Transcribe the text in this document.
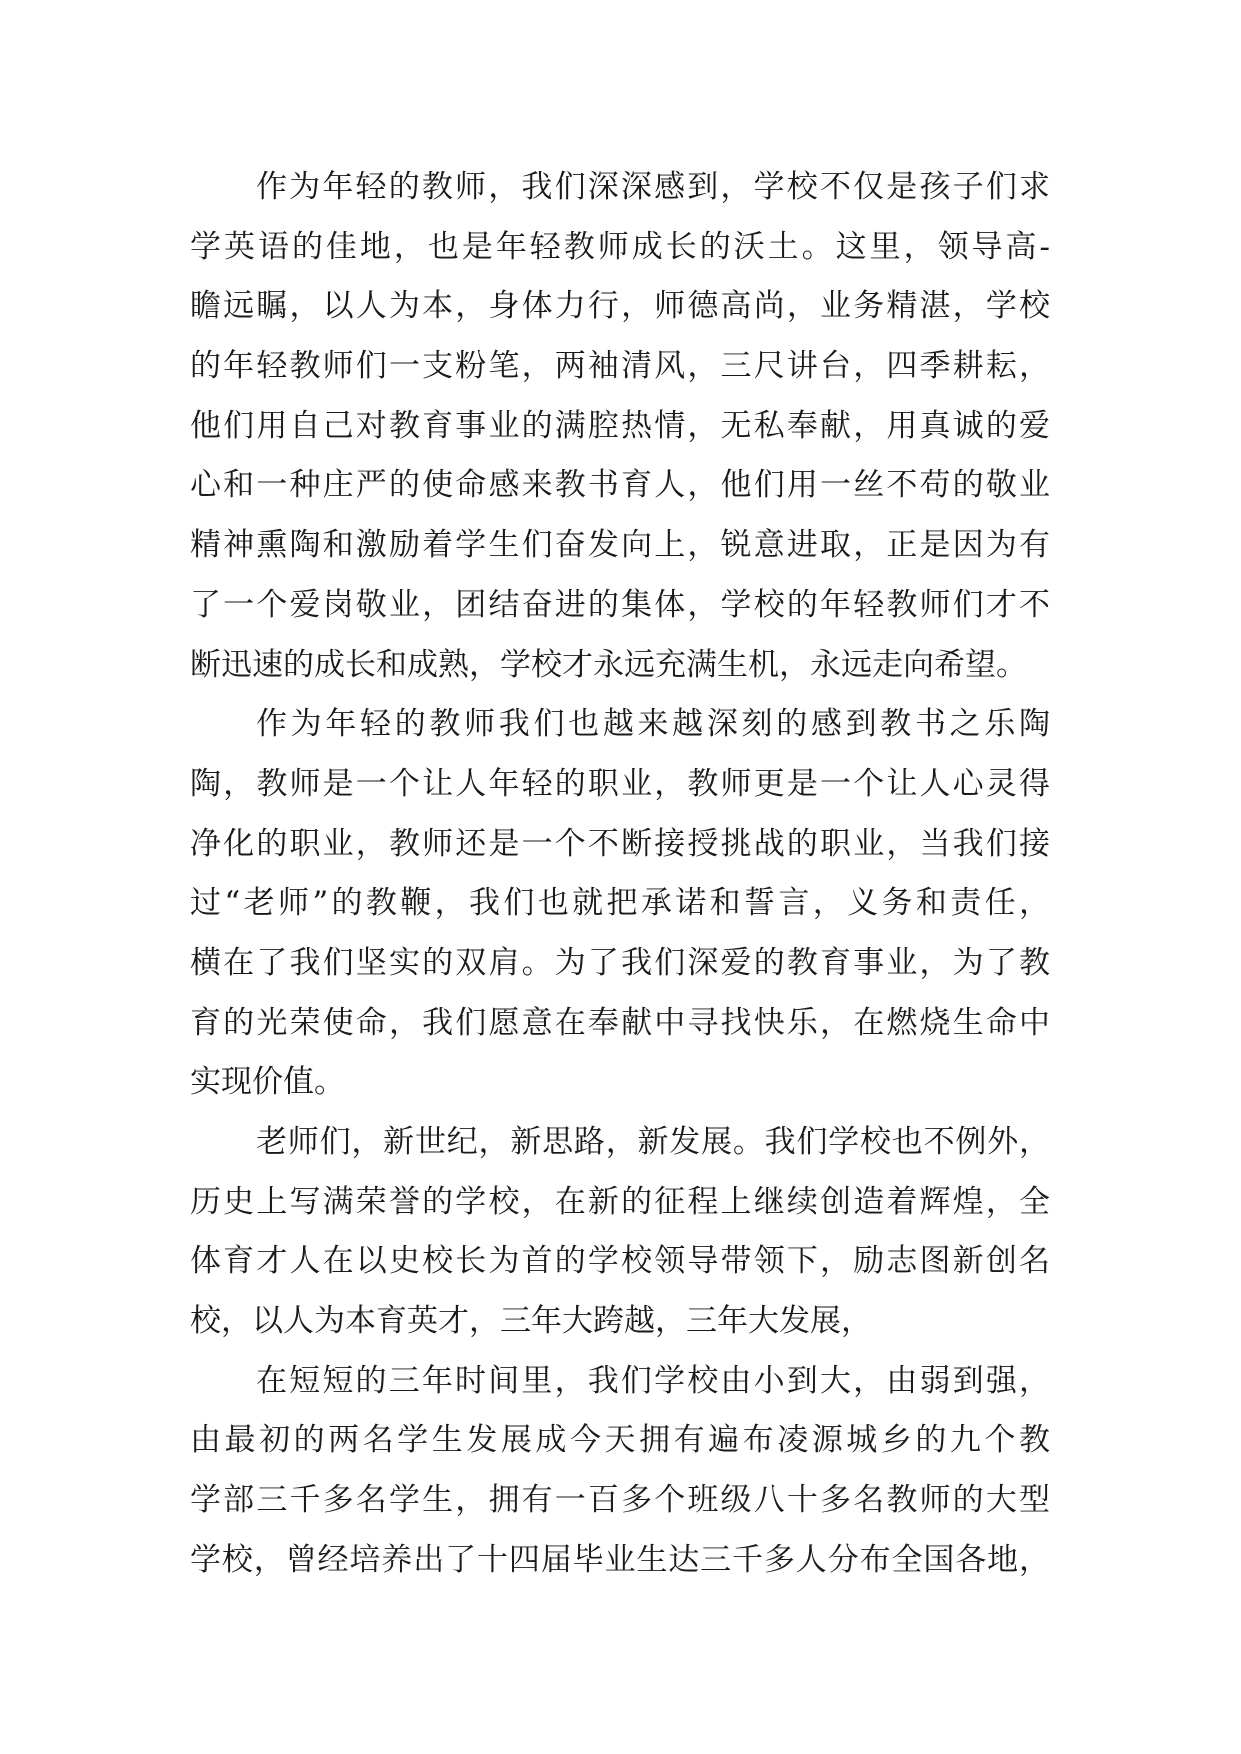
作为年轻的教师，我们深深感到，学校不仅是孩子们求
学英语的佳地，也是年轻教师成长的沃土。这里，领导高-
瞻远瞩，以人为本，身体力行，师德高尚，业务精湛，学校
的年轻教师们一支粉笔，两袖清风，三尺讲台，四季耕耘，
他们用自己对教育事业的满腔热情，无私奉献，用真诚的爱
心和一种庄严的使命感来教书育人，他们用一丝不苟的敬业
精神熏陶和激励着学生们奋发向上，锐意进取，正是因为有
了一个爱岗敬业，团结奋进的集体，学校的年轻教师们才不
断迅速的成长和成熟，学校才永远充满生机，永远走向希望。
作为年轻的教师我们也越来越深刻的感到教书之乐陶
陶，教师是一个让人年轻的职业，教师更是一个让人心灵得
净化的职业，教师还是一个不断接授挑战的职业，当我们接
过“老师”的教鞭，我们也就把承诺和誓言，义务和责任，
横在了我们坚实的双肩。为了我们深爱的教育事业，为了教
育的光荣使命，我们愿意在奉献中寻找快乐，在燃烧生命中
实现价值。
老师们，新世纪，新思路，新发展。我们学校也不例外，
历史上写满荣誉的学校，在新的征程上继续创造着辉煌，全
体育才人在以史校长为首的学校领导带领下，励志图新创名
校，以人为本育英才，三年大跨越，三年大发展，
在短短的三年时间里，我们学校由小到大，由弱到强，
由最初的两名学生发展成今天拥有遍布凌源城乡的九个教
学部三千多名学生，拥有一百多个班级八十多名教师的大型
学校，曾经培养出了十四届毕业生达三千多人分布全国各地，
